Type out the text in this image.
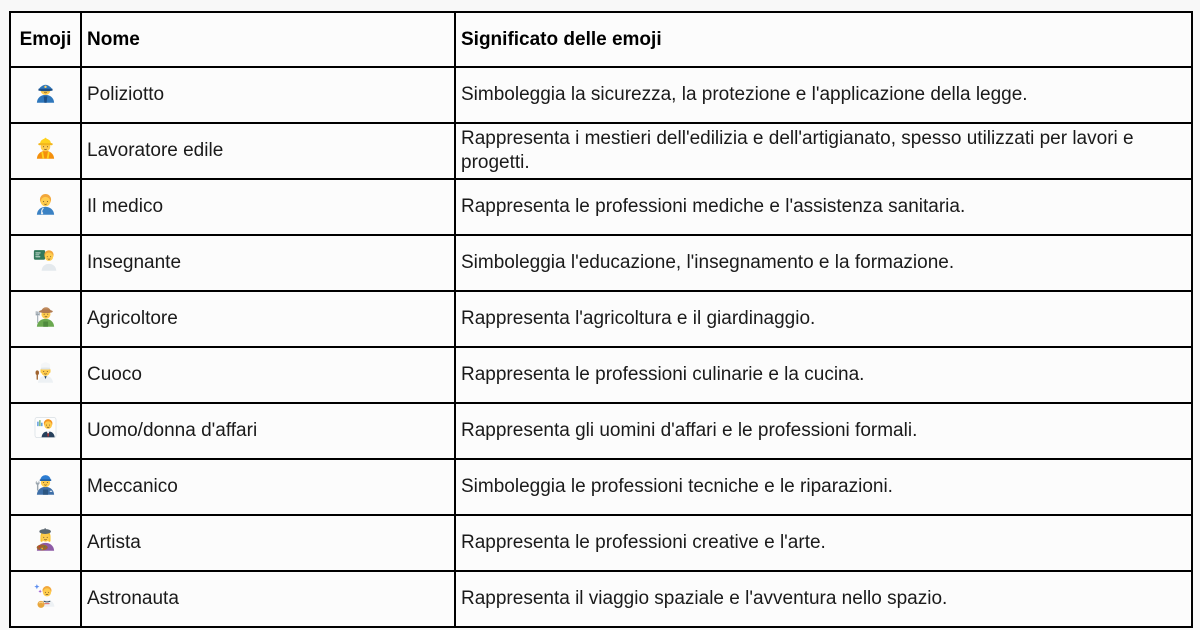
Emoji	Nome	Significato delle emoji

	Poliziotto	Simboleggia la sicurezza, la protezione e l'applicazione della legge.

	Lavoratore edile	Rappresenta i mestieri dell'edilizia e dell'artigianato, spesso utilizzati per lavori e progetti.

	Il medico	Rappresenta le professioni mediche e l'assistenza sanitaria.

	Insegnante	Simboleggia l'educazione, l'insegnamento e la formazione.

	Agricoltore	Rappresenta l'agricoltura e il giardinaggio.

	Cuoco	Rappresenta le professioni culinarie e la cucina.

	Uomo/donna d'affari	Rappresenta gli uomini d'affari e le professioni formali.

	Meccanico	Simboleggia le professioni tecniche e le riparazioni.

	Artista	Rappresenta le professioni creative e l'arte.

	Astronauta	Rappresenta il viaggio spaziale e l'avventura nello spazio.
